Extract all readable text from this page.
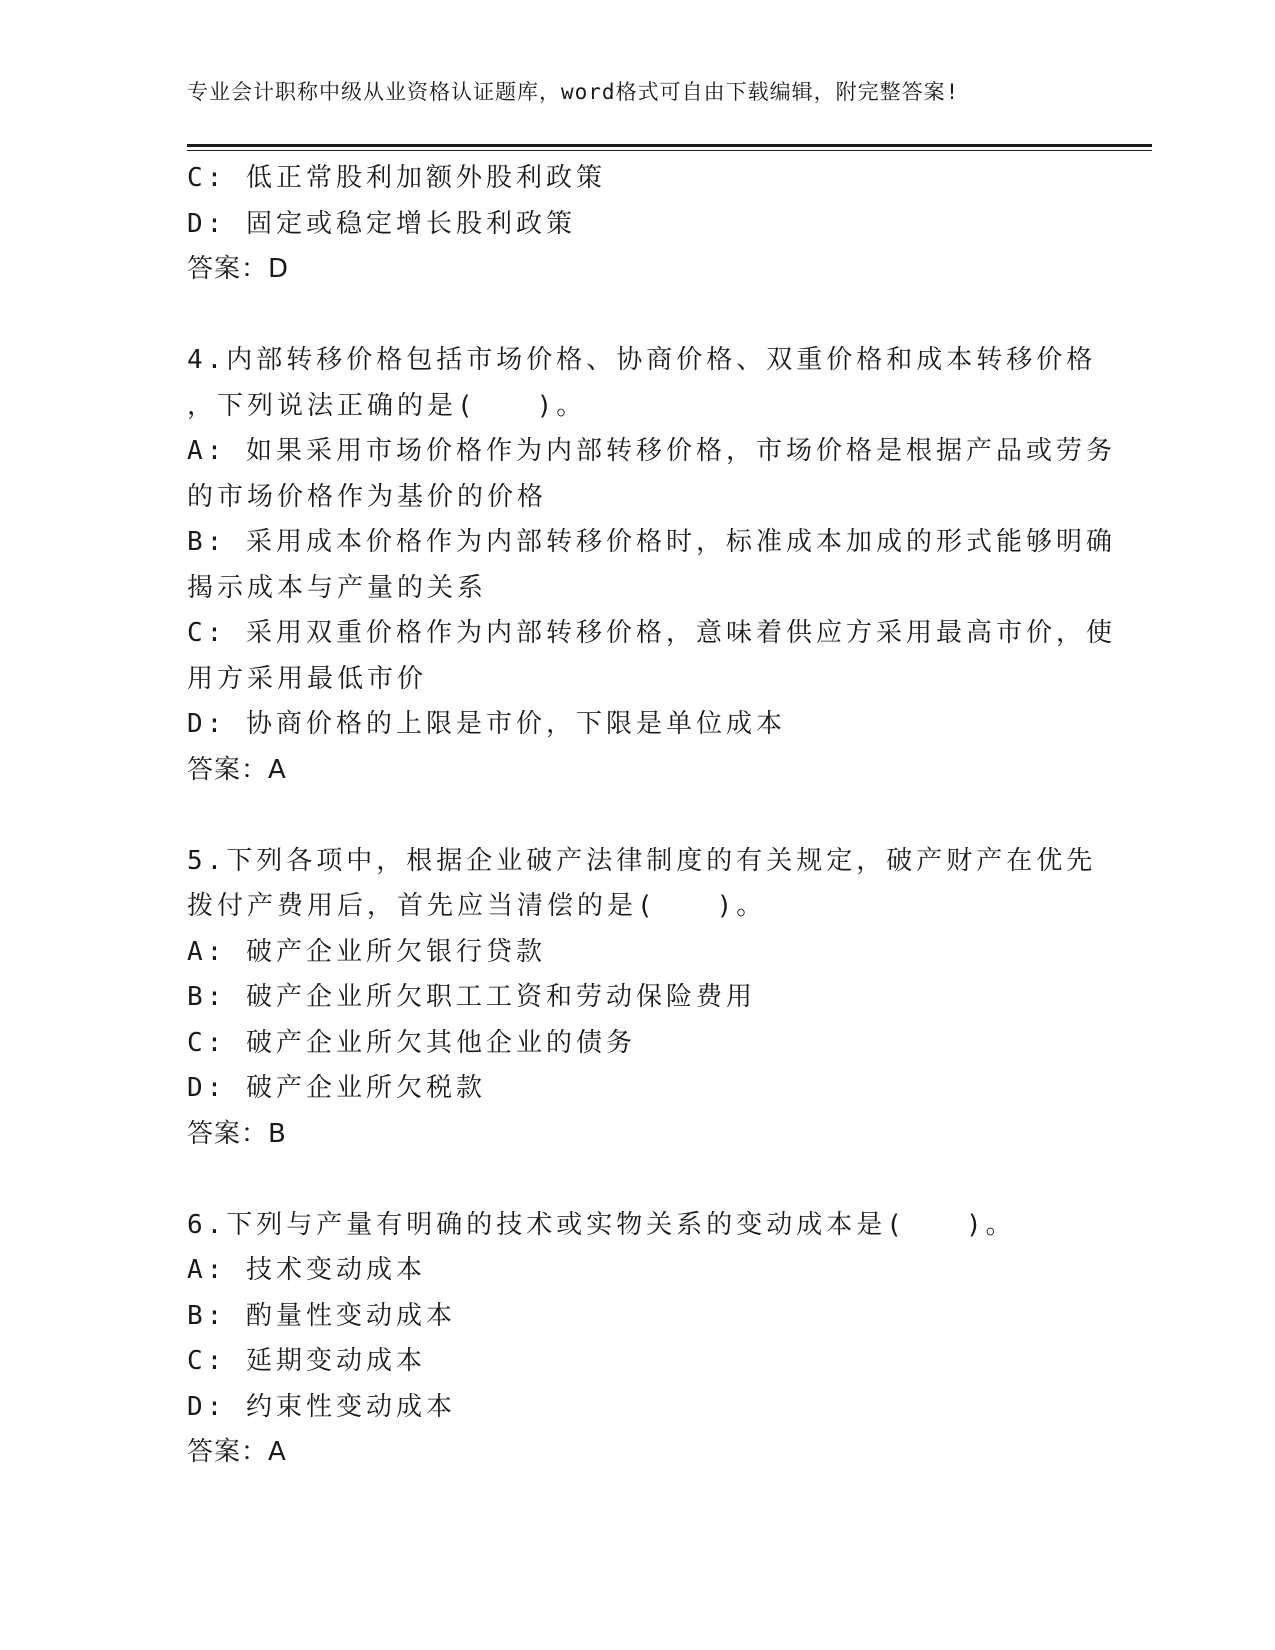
专业会计职称中级从业资格认证题库，word格式可自由下载编辑，附完整答案!
C: 低正常股利加额外股利政策
D: 固定或稳定增长股利政策
答案：D
4.内部转移价格包括市场价格、协商价格、双重价格和成本转移价格
，下列说法正确的是(　　)。
A: 如果采用市场价格作为内部转移价格，市场价格是根据产品或劳务
的市场价格作为基价的价格
B: 采用成本价格作为内部转移价格时，标准成本加成的形式能够明确
揭示成本与产量的关系
C: 采用双重价格作为内部转移价格，意味着供应方采用最高市价，使
用方采用最低市价
D: 协商价格的上限是市价，下限是单位成本
答案：A
5.下列各项中，根据企业破产法律制度的有关规定，破产财产在优先
拨付产费用后，首先应当清偿的是(　　)。
A: 破产企业所欠银行贷款
B: 破产企业所欠职工工资和劳动保险费用
C: 破产企业所欠其他企业的债务
D: 破产企业所欠税款
答案：B
6.下列与产量有明确的技术或实物关系的变动成本是(　　)。
A: 技术变动成本
B: 酌量性变动成本
C: 延期变动成本
D: 约束性变动成本
答案：A
